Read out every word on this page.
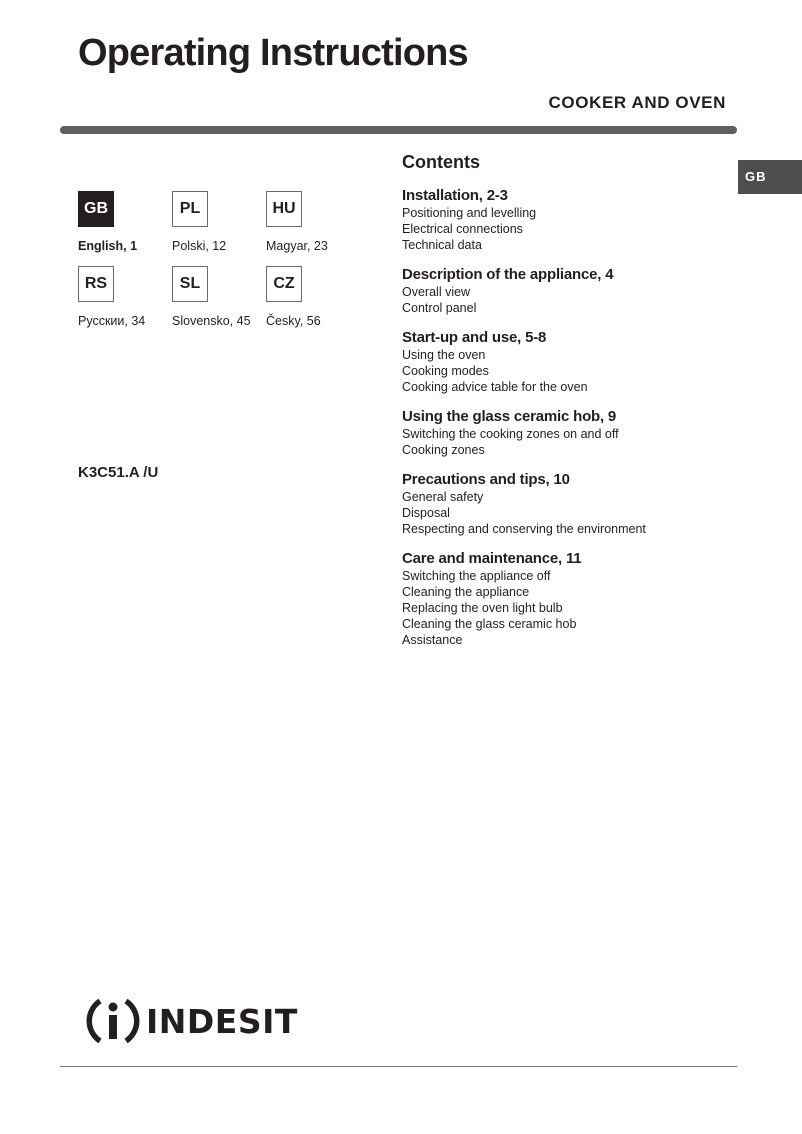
Operating Instructions
COOKER AND OVEN
GB
GB
English, 1
PL
Polski, 12
HU
Magyar, 23
RS
Русскии, 34
SL
Slovensko, 45
CZ
Česky, 56
K3C51.A /U
Contents
Installation, 2-3
Positioning and levelling
Electrical connections
Technical data
Description of the appliance, 4
Overall view
Control panel
Start-up and use, 5-8
Using the oven
Cooking modes
Cooking advice table for the oven
Using the glass ceramic hob, 9
Switching the cooking zones on and off
Cooking zones
Precautions and tips, 10
General safety
Disposal
Respecting and conserving the environment
Care and maintenance, 11
Switching the appliance off
Cleaning the appliance
Replacing the oven light bulb
Cleaning the glass ceramic hob
Assistance
INDESIT
